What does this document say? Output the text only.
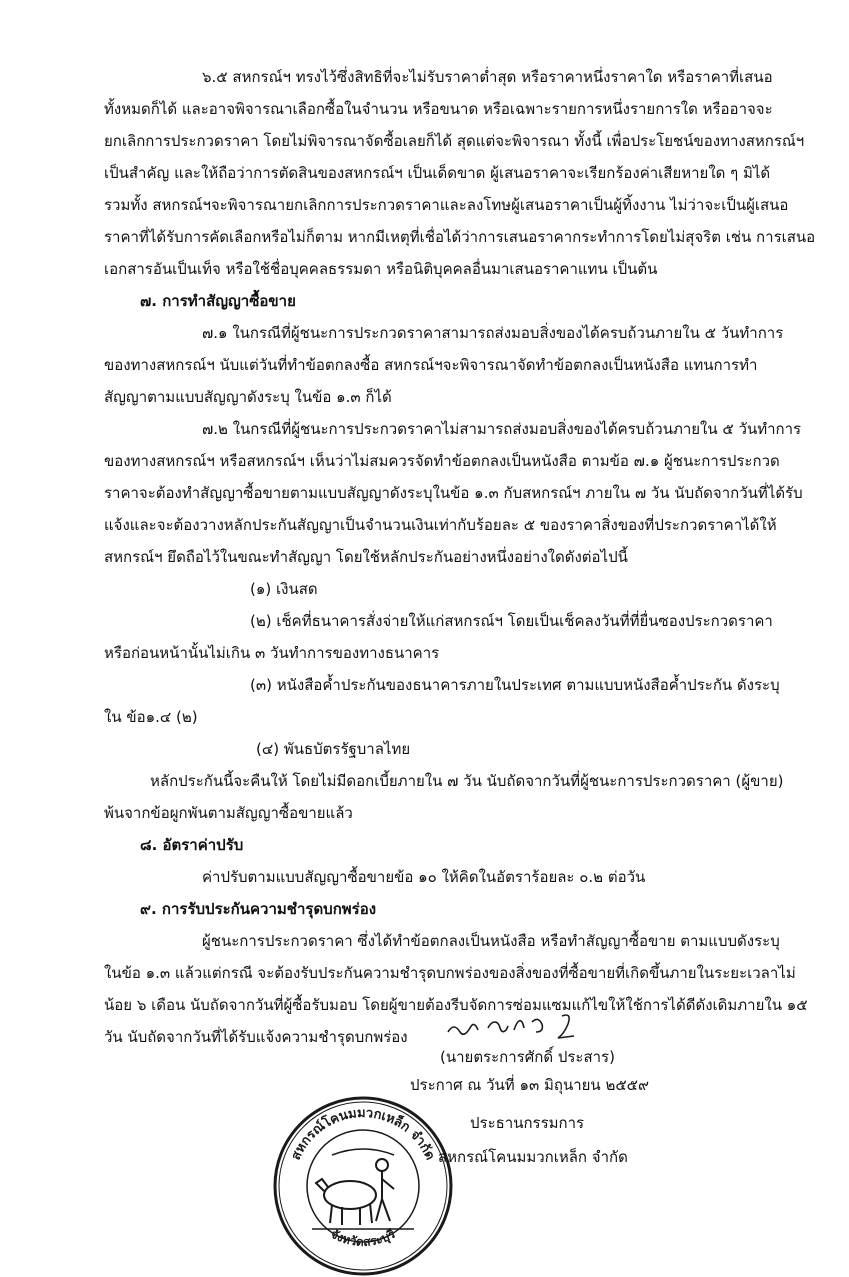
๖.๕ สหกรณ์ฯ ทรงไว้ซึ่งสิทธิที่จะไม่รับราคาต่ำสุด หรือราคาหนึ่งราคาใด หรือราคาที่เสนอ
ทั้งหมดก็ได้ และอาจพิจารณาเลือกซื้อในจำนวน หรือขนาด หรือเฉพาะรายการหนึ่งรายการใด หรืออาจจะ
ยกเลิกการประกวดราคา โดยไม่พิจารณาจัดซื้อเลยก็ได้ สุดแต่จะพิจารณา ทั้งนี้ เพื่อประโยชน์ของทางสหกรณ์ฯ
เป็นสำคัญ และให้ถือว่าการตัดสินของสหกรณ์ฯ เป็นเด็ดขาด ผู้เสนอราคาจะเรียกร้องค่าเสียหายใด ๆ มิได้
รวมทั้ง สหกรณ์ฯจะพิจารณายกเลิกการประกวดราคาและลงโทษผู้เสนอราคาเป็นผู้ทิ้งงาน ไม่ว่าจะเป็นผู้เสนอ
ราคาที่ได้รับการคัดเลือกหรือไม่ก็ตาม หากมีเหตุที่เชื่อได้ว่าการเสนอราคากระทำการโดยไม่สุจริต เช่น การเสนอ
เอกสารอันเป็นเท็จ หรือใช้ชื่อบุคคลธรรมดา หรือนิติบุคคลอื่นมาเสนอราคาแทน เป็นต้น
๗. การทำสัญญาซื้อขาย
๗.๑ ในกรณีที่ผู้ชนะการประกวดราคาสามารถส่งมอบสิ่งของได้ครบถ้วนภายใน ๕ วันทำการ
ของทางสหกรณ์ฯ นับแต่วันที่ทำข้อตกลงซื้อ สหกรณ์ฯจะพิจารณาจัดทำข้อตกลงเป็นหนังสือ แทนการทำ
สัญญาตามแบบสัญญาดังระบุ ในข้อ ๑.๓ ก็ได้
๗.๒ ในกรณีที่ผู้ชนะการประกวดราคาไม่สามารถส่งมอบสิ่งของได้ครบถ้วนภายใน ๕ วันทำการ
ของทางสหกรณ์ฯ หรือสหกรณ์ฯ เห็นว่าไม่สมควรจัดทำข้อตกลงเป็นหนังสือ ตามข้อ ๗.๑ ผู้ชนะการประกวด
ราคาจะต้องทำสัญญาซื้อขายตามแบบสัญญาดังระบุในข้อ ๑.๓ กับสหกรณ์ฯ ภายใน ๗ วัน นับถัดจากวันที่ได้รับ
แจ้งและจะต้องวางหลักประกันสัญญาเป็นจำนวนเงินเท่ากับร้อยละ ๕ ของราคาสิ่งของที่ประกวดราคาได้ให้
สหกรณ์ฯ ยึดถือไว้ในขณะทำสัญญา โดยใช้หลักประกันอย่างหนึ่งอย่างใดดังต่อไปนี้
(๑) เงินสด
(๒) เช็คที่ธนาคารสั่งจ่ายให้แก่สหกรณ์ฯ โดยเป็นเช็คลงวันที่ที่ยื่นซองประกวดราคา
หรือก่อนหน้านั้นไม่เกิน ๓ วันทำการของทางธนาคาร
(๓) หนังสือค้ำประกันของธนาคารภายในประเทศ ตามแบบหนังสือค้ำประกัน ดังระบุ
ใน ข้อ๑.๔ (๒)
(๔) พันธบัตรรัฐบาลไทย
หลักประกันนี้จะคืนให้ โดยไม่มีดอกเบี้ยภายใน ๗ วัน นับถัดจากวันที่ผู้ชนะการประกวดราคา (ผู้ขาย)
พ้นจากข้อผูกพันตามสัญญาซื้อขายแล้ว
๘. อัตราค่าปรับ
ค่าปรับตามแบบสัญญาซื้อขายข้อ ๑๐ ให้คิดในอัตราร้อยละ ๐.๒ ต่อวัน
๙. การรับประกันความชำรุดบกพร่อง
ผู้ชนะการประกวดราคา ซึ่งได้ทำข้อตกลงเป็นหนังสือ หรือทำสัญญาซื้อขาย ตามแบบดังระบุ
ในข้อ ๑.๓ แล้วแต่กรณี จะต้องรับประกันความชำรุดบกพร่องของสิ่งของที่ซื้อขายที่เกิดขึ้นภายในระยะเวลาไม่
น้อย ๖ เดือน นับถัดจากวันที่ผู้ซื้อรับมอบ โดยผู้ขายต้องรีบจัดการซ่อมแซมแก้ไขให้ใช้การได้ดีดังเดิมภายใน ๑๕
วัน นับถัดจากวันที่ได้รับแจ้งความชำรุดบกพร่อง
ประกาศ ณ วันที่ ๑๓ มิถุนายน ๒๕๕๙
สหกรณ์โคนมมวกเหล็ก จำกัด
จังหวัดสระบุรี
(นายตระการศักดิ์ ประสาร)
ประธานกรรมการ
สหกรณ์โคนมมวกเหล็ก จำกัด
